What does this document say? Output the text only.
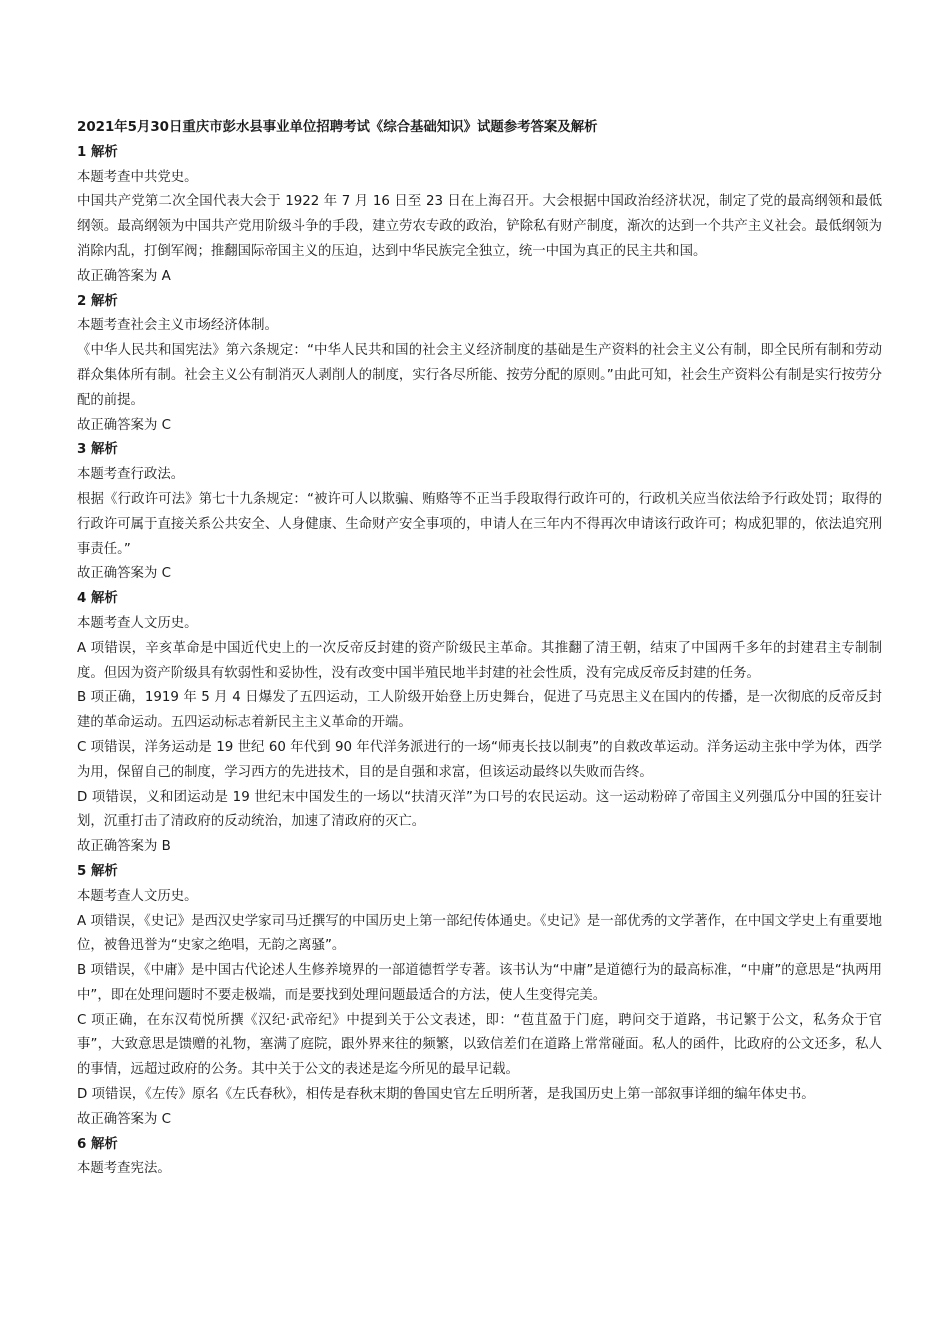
2021年5月30日重庆市彭水县事业单位招聘考试《综合基础知识》试题参考答案及解析

1 解析

本题考查中共党史。

中国共产党第二次全国代表大会于 1922 年 7 月 16 日至 23 日在上海召开。大会根据中国政治经济状况，制定了党的最高纲领和最低纲领。最高纲领为中国共产党用阶级斗争的手段，建立劳农专政的政治，铲除私有财产制度，渐次的达到一个共产主义社会。最低纲领为消除内乱，打倒军阀；推翻国际帝国主义的压迫，达到中华民族完全独立，统一中国为真正的民主共和国。

故正确答案为 A

2 解析

本题考查社会主义市场经济体制。

《中华人民共和国宪法》第六条规定：“中华人民共和国的社会主义经济制度的基础是生产资料的社会主义公有制，即全民所有制和劳动群众集体所有制。社会主义公有制消灭人剥削人的制度，实行各尽所能、按劳分配的原则。”由此可知，社会生产资料公有制是实行按劳分配的前提。

故正确答案为 C

3 解析

本题考查行政法。

根据《行政许可法》第七十九条规定：“被许可人以欺骗、贿赂等不正当手段取得行政许可的，行政机关应当依法给予行政处罚；取得的行政许可属于直接关系公共安全、人身健康、生命财产安全事项的，申请人在三年内不得再次申请该行政许可；构成犯罪的，依法追究刑事责任。”

故正确答案为 C

4 解析

本题考查人文历史。

A 项错误，辛亥革命是中国近代史上的一次反帝反封建的资产阶级民主革命。其推翻了清王朝，结束了中国两千多年的封建君主专制制度。但因为资产阶级具有软弱性和妥协性，没有改变中国半殖民地半封建的社会性质，没有完成反帝反封建的任务。

B 项正确，1919 年 5 月 4 日爆发了五四运动，工人阶级开始登上历史舞台，促进了马克思主义在国内的传播，是一次彻底的反帝反封建的革命运动。五四运动标志着新民主主义革命的开端。

C 项错误，洋务运动是 19 世纪 60 年代到 90 年代洋务派进行的一场“师夷长技以制夷”的自救改革运动。洋务运动主张中学为体，西学为用，保留自己的制度，学习西方的先进技术，目的是自强和求富，但该运动最终以失败而告终。

D 项错误，义和团运动是 19 世纪末中国发生的一场以“扶清灭洋”为口号的农民运动。这一运动粉碎了帝国主义列强瓜分中国的狂妄计划，沉重打击了清政府的反动统治，加速了清政府的灭亡。

故正确答案为 B

5 解析

本题考查人文历史。

A 项错误，《史记》是西汉史学家司马迁撰写的中国历史上第一部纪传体通史。《史记》是一部优秀的文学著作，在中国文学史上有重要地位，被鲁迅誉为“史家之绝唱，无韵之离骚”。

B 项错误，《中庸》是中国古代论述人生修养境界的一部道德哲学专著。该书认为“中庸”是道德行为的最高标准，“中庸”的意思是“执两用中”，即在处理问题时不要走极端，而是要找到处理问题最适合的方法，使人生变得完美。

C 项正确，在东汉荀悦所撰《汉纪·武帝纪》中提到关于公文表述，即：“苞苴盈于门庭，聘问交于道路，书记繁于公文，私务众于官事”，大致意思是馈赠的礼物，塞满了庭院，跟外界来往的频繁，以致信差们在道路上常常碰面。私人的函件，比政府的公文还多，私人的事情，远超过政府的公务。其中关于公文的表述是迄今所见的最早记载。

D 项错误，《左传》原名《左氏春秋》，相传是春秋末期的鲁国史官左丘明所著，是我国历史上第一部叙事详细的编年体史书。

故正确答案为 C

6 解析

本题考查宪法。
